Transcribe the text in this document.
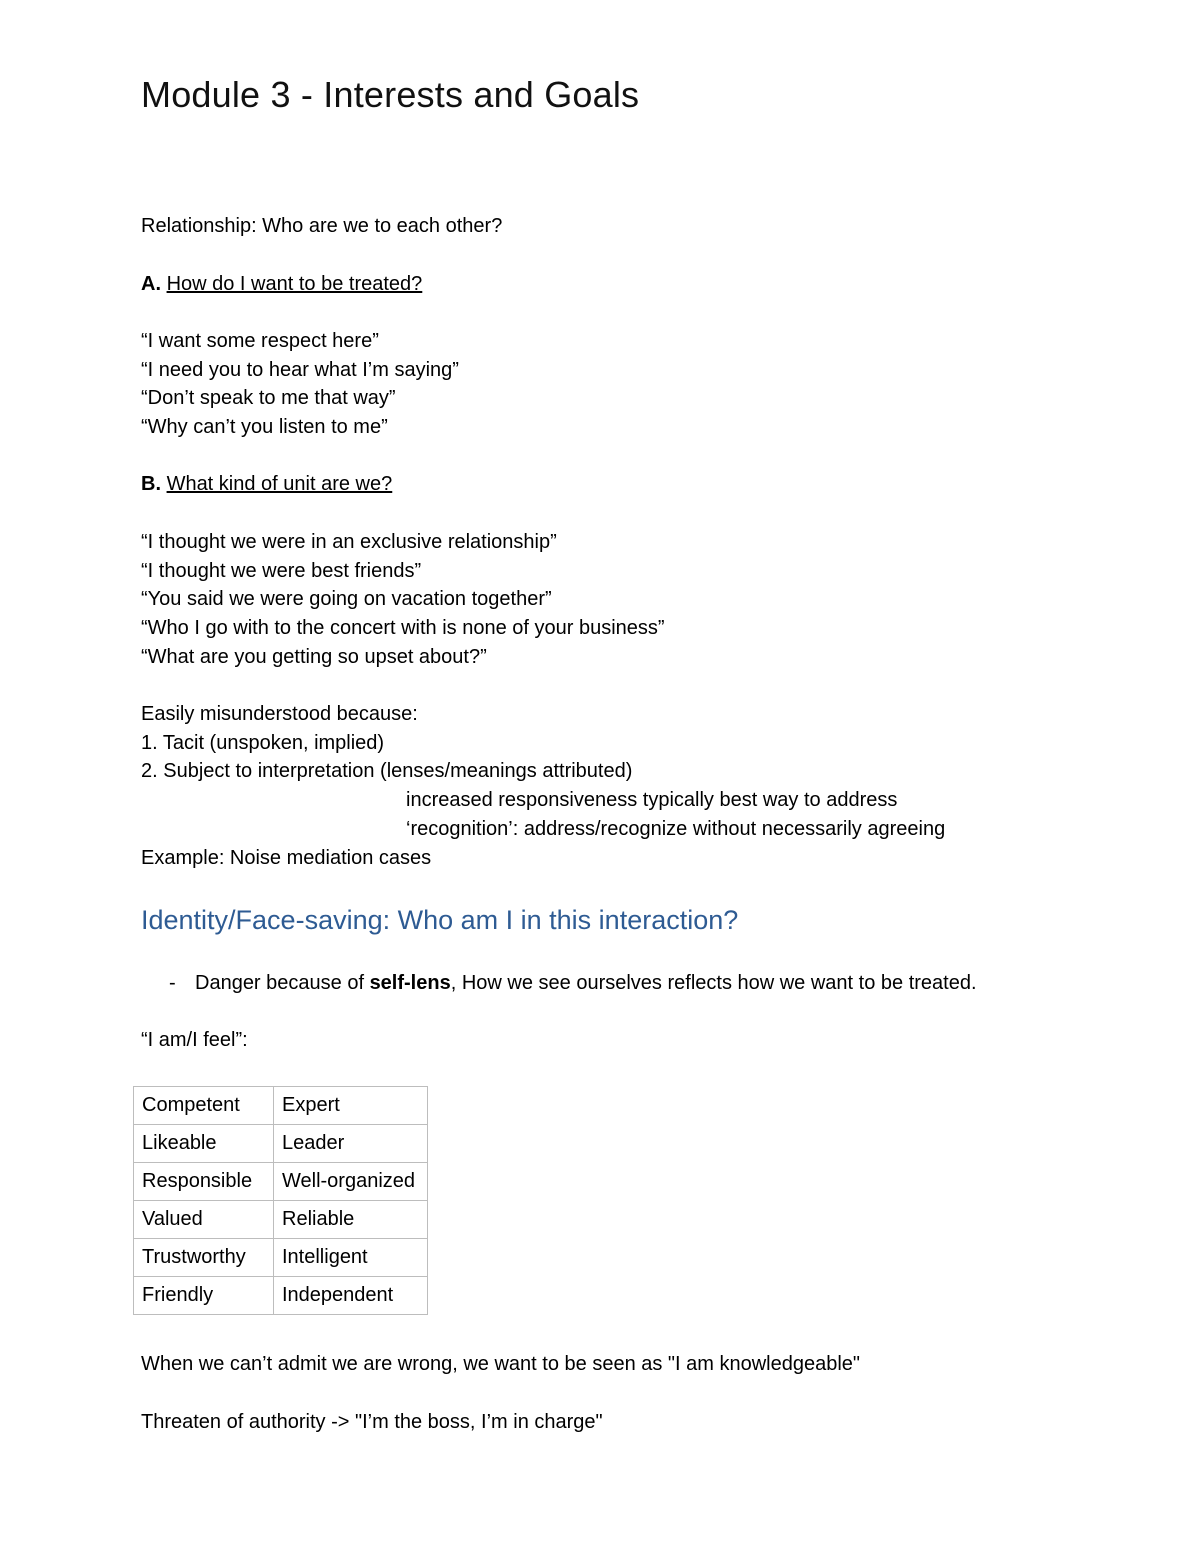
Module 3 - Interests and Goals
Relationship: Who are we to each other?
A. How do I want to be treated?
“I want some respect here”
“I need you to hear what I’m saying”
“Don’t speak to me that way”
“Why can’t you listen to me”
B. What kind of unit are we?
“I thought we were in an exclusive relationship”
“I thought we were best friends”
“You said we were going on vacation together”
“Who I go with to the concert with is none of your business”
“What are you getting so upset about?”
Easily misunderstood because:
1. Tacit (unspoken, implied)
2. Subject to interpretation (lenses/meanings attributed)
increased responsiveness typically best way to address
‘recognition’: address/recognize without necessarily agreeing
Example: Noise mediation cases
Identity/Face-saving: Who am I in this interaction?
- Danger because of self-lens, How we see ourselves reflects how we want to be treated.
“I am/I feel”:
Competent	Expert
Likeable	Leader
Responsible	Well-organized
Valued	Reliable
Trustworthy	Intelligent
Friendly	Independent
When we can’t admit we are wrong, we want to be seen as "I am knowledgeable"
Threaten of authority -> "I’m the boss, I’m in charge"
